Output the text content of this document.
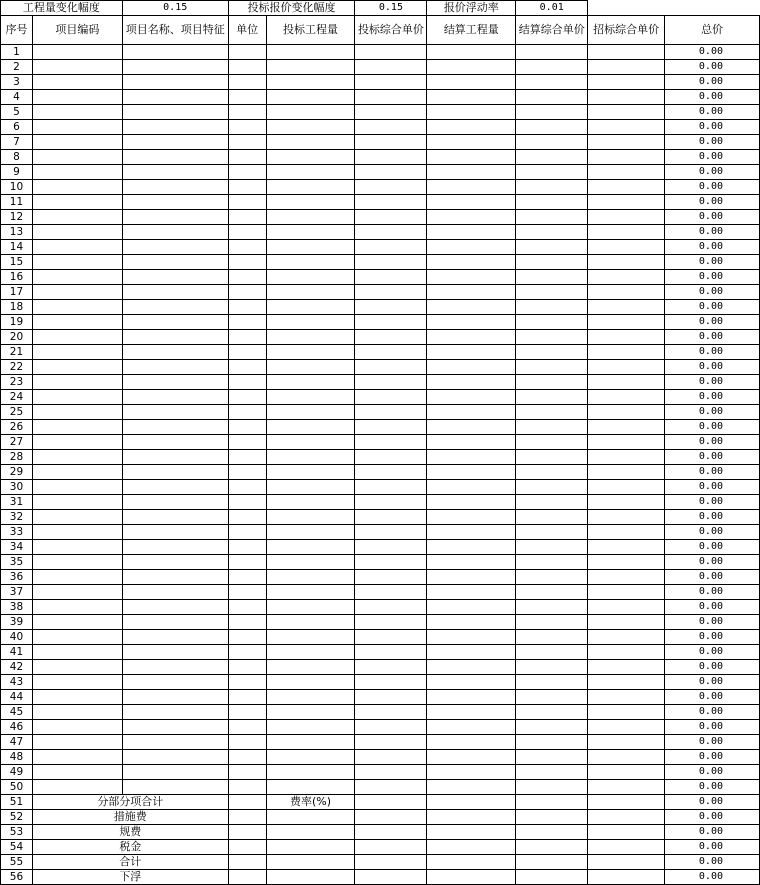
工程量变化幅度		0.15	投标报价变化幅度		0.15	报价浮动率	0.01		
序号	项目编码	项目名称、项目特征	单位	投标工程量	投标综合单价	结算工程量	结算综合单价	招标综合单价	总价
1									0.00
2									0.00
3									0.00
4									0.00
5									0.00
6									0.00
7									0.00
8									0.00
9									0.00
10									0.00
11									0.00
12									0.00
13									0.00
14									0.00
15									0.00
16									0.00
17									0.00
18									0.00
19									0.00
20									0.00
21									0.00
22									0.00
23									0.00
24									0.00
25									0.00
26									0.00
27									0.00
28									0.00
29									0.00
30									0.00
31									0.00
32									0.00
33									0.00
34									0.00
35									0.00
36									0.00
37									0.00
38									0.00
39									0.00
40									0.00
41									0.00
42									0.00
43									0.00
44									0.00
45									0.00
46									0.00
47									0.00
48									0.00
49									0.00
50									0.00
51	分部分项合计			费率(%)					0.00
52	措施费								0.00
53	规费								0.00
54	税金								0.00
55	合计								0.00
56	下浮								0.00
